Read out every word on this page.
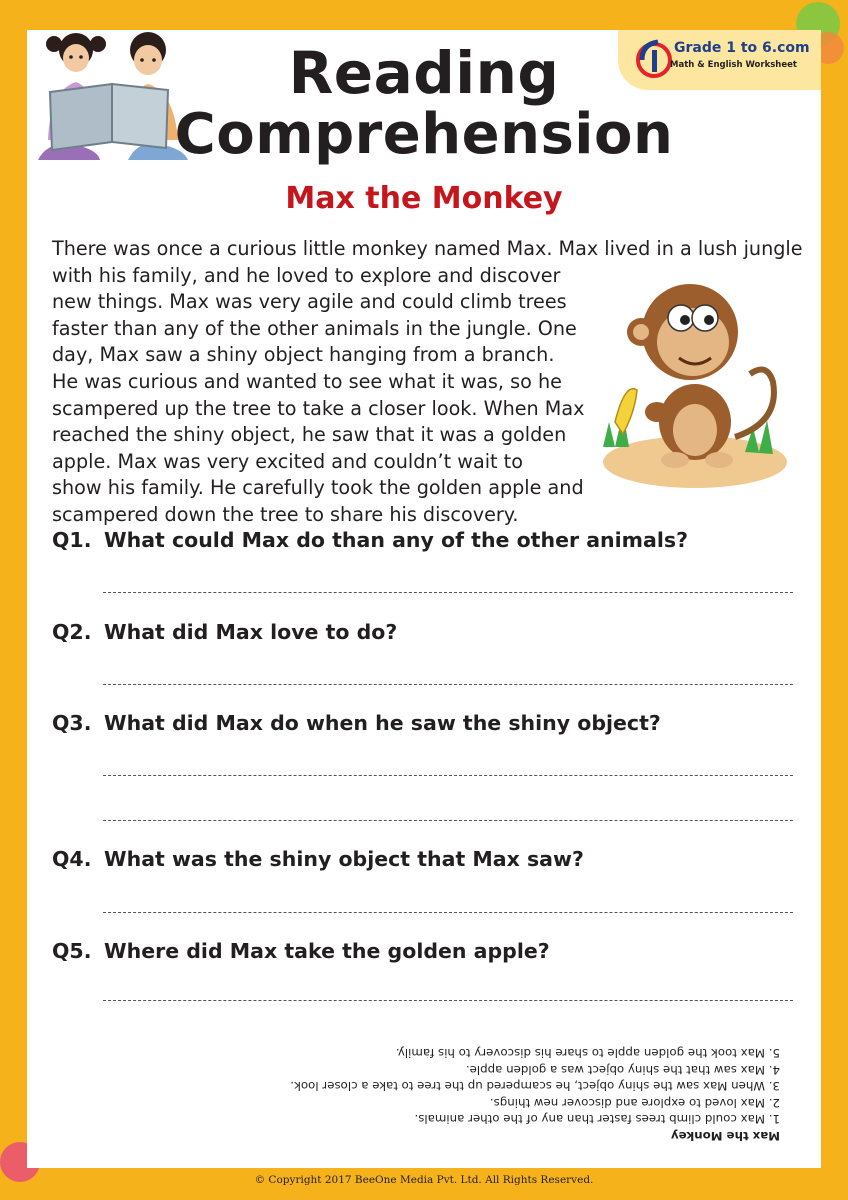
Grade 1 to 6.com
Math & English Worksheet
Reading
Comprehension
Max the Monkey
There was once a curious little monkey named Max. Max lived in a lush jungle
with his family, and he loved to explore and discover
new things. Max was very agile and could climb trees
faster than any of the other animals in the jungle. One
day, Max saw a shiny object hanging from a branch.
He was curious and wanted to see what it was, so he
scampered up the tree to take a closer look. When Max
reached the shiny object, he saw that it was a golden
apple. Max was very excited and couldn’t wait to
show his family. He carefully took the golden apple and
scampered down the tree to share his discovery.
Q1. What could Max do than any of the other animals?
Q2. What did Max love to do?
Q3. What did Max do when he saw the shiny object?
Q4. What was the shiny object that Max saw?
Q5. Where did Max take the golden apple?
Max the Monkey
1. Max could climb trees faster than any of the other animals.
2. Max loved to explore and discover new things.
3. When Max saw the shiny object, he scampered up the tree to take a closer look.
4. Max saw that the shiny object was a golden apple.
5. Max took the golden apple to share his discovery to his family.
© Copyright 2017 BeeOne Media Pvt. Ltd. All Rights Reserved.
